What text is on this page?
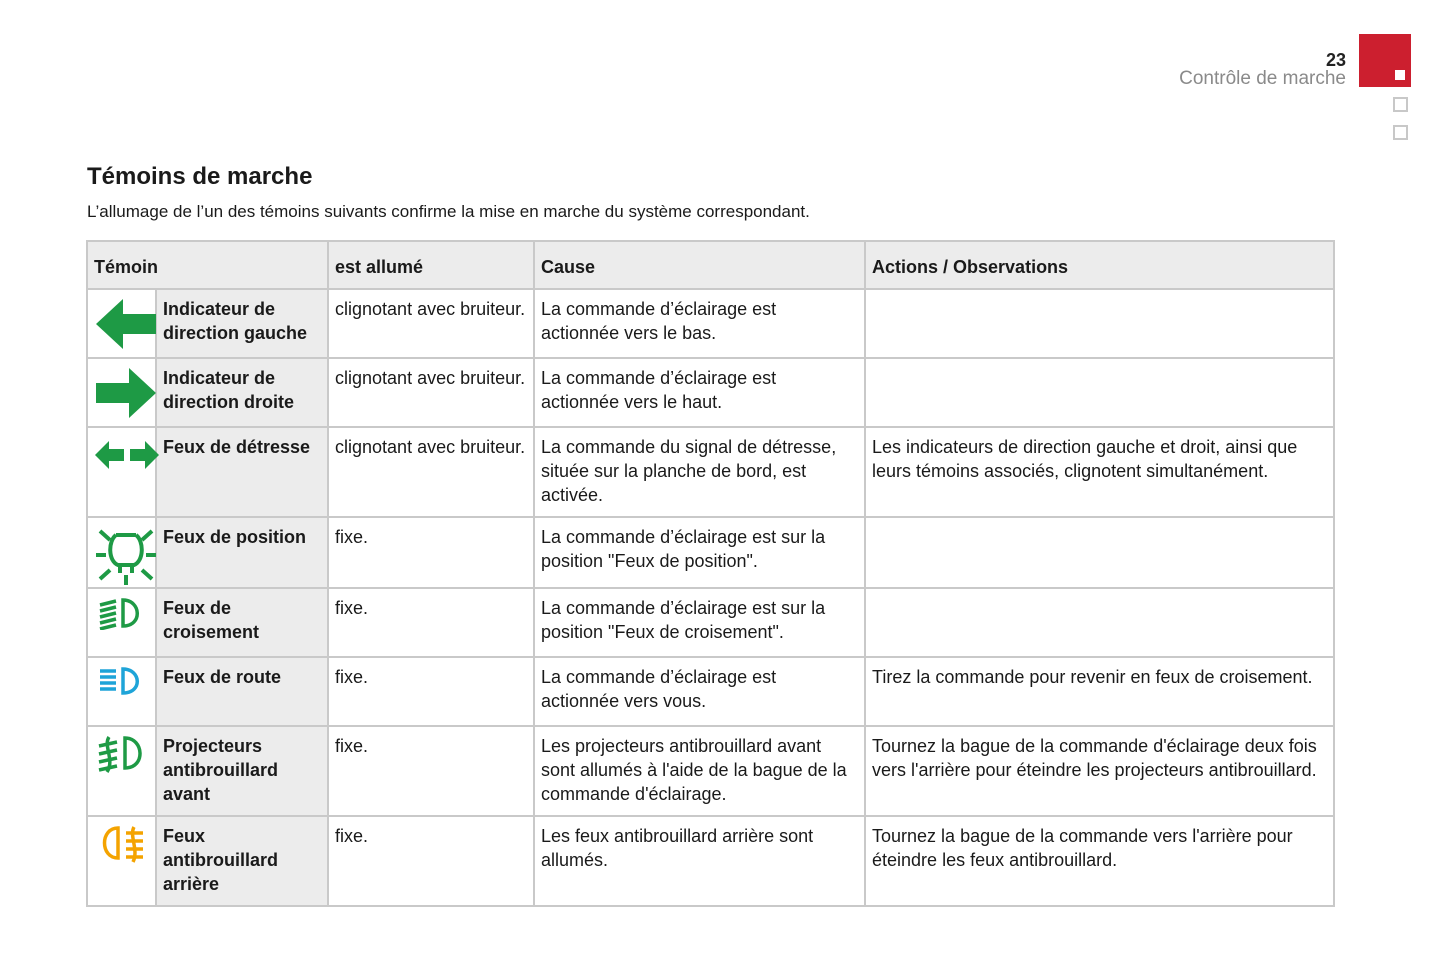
23
Contrôle de marche
Témoins de marche

L’allumage de l’un des témoins suivants confirme la mise en marche du système correspondant.

Témoin		est allumé	Cause	Actions / Observations

	Indicateur de direction gauche	clignotant avec bruiteur.	La commande d’éclairage est actionnée vers le bas.	

	Indicateur de direction droite	clignotant avec bruiteur.	La commande d’éclairage est actionnée vers le haut.	

	Feux de détresse	clignotant avec bruiteur.	La commande du signal de détresse, située sur la planche de bord, est activée.	Les indicateurs de direction gauche et droit, ainsi que leurs témoins associés, clignotent simultanément.

	Feux de position	fixe.	La commande d’éclairage est sur la position "Feux de position".	

	Feux de croisement	fixe.	La commande d’éclairage est sur la position "Feux de croisement".	

	Feux de route	fixe.	La commande d’éclairage est actionnée vers vous.	Tirez la commande pour revenir en feux de croisement.

	Projecteurs antibrouillard avant	fixe.	Les projecteurs antibrouillard avant sont allumés à l'aide de la bague de la commande d'éclairage.	Tournez la bague de la commande d'éclairage deux fois vers l'arrière pour éteindre les projecteurs antibrouillard.

	Feux antibrouillard arrière	fixe.	Les feux antibrouillard arrière sont allumés.	Tournez la bague de la commande vers l'arrière pour éteindre les feux antibrouillard.
